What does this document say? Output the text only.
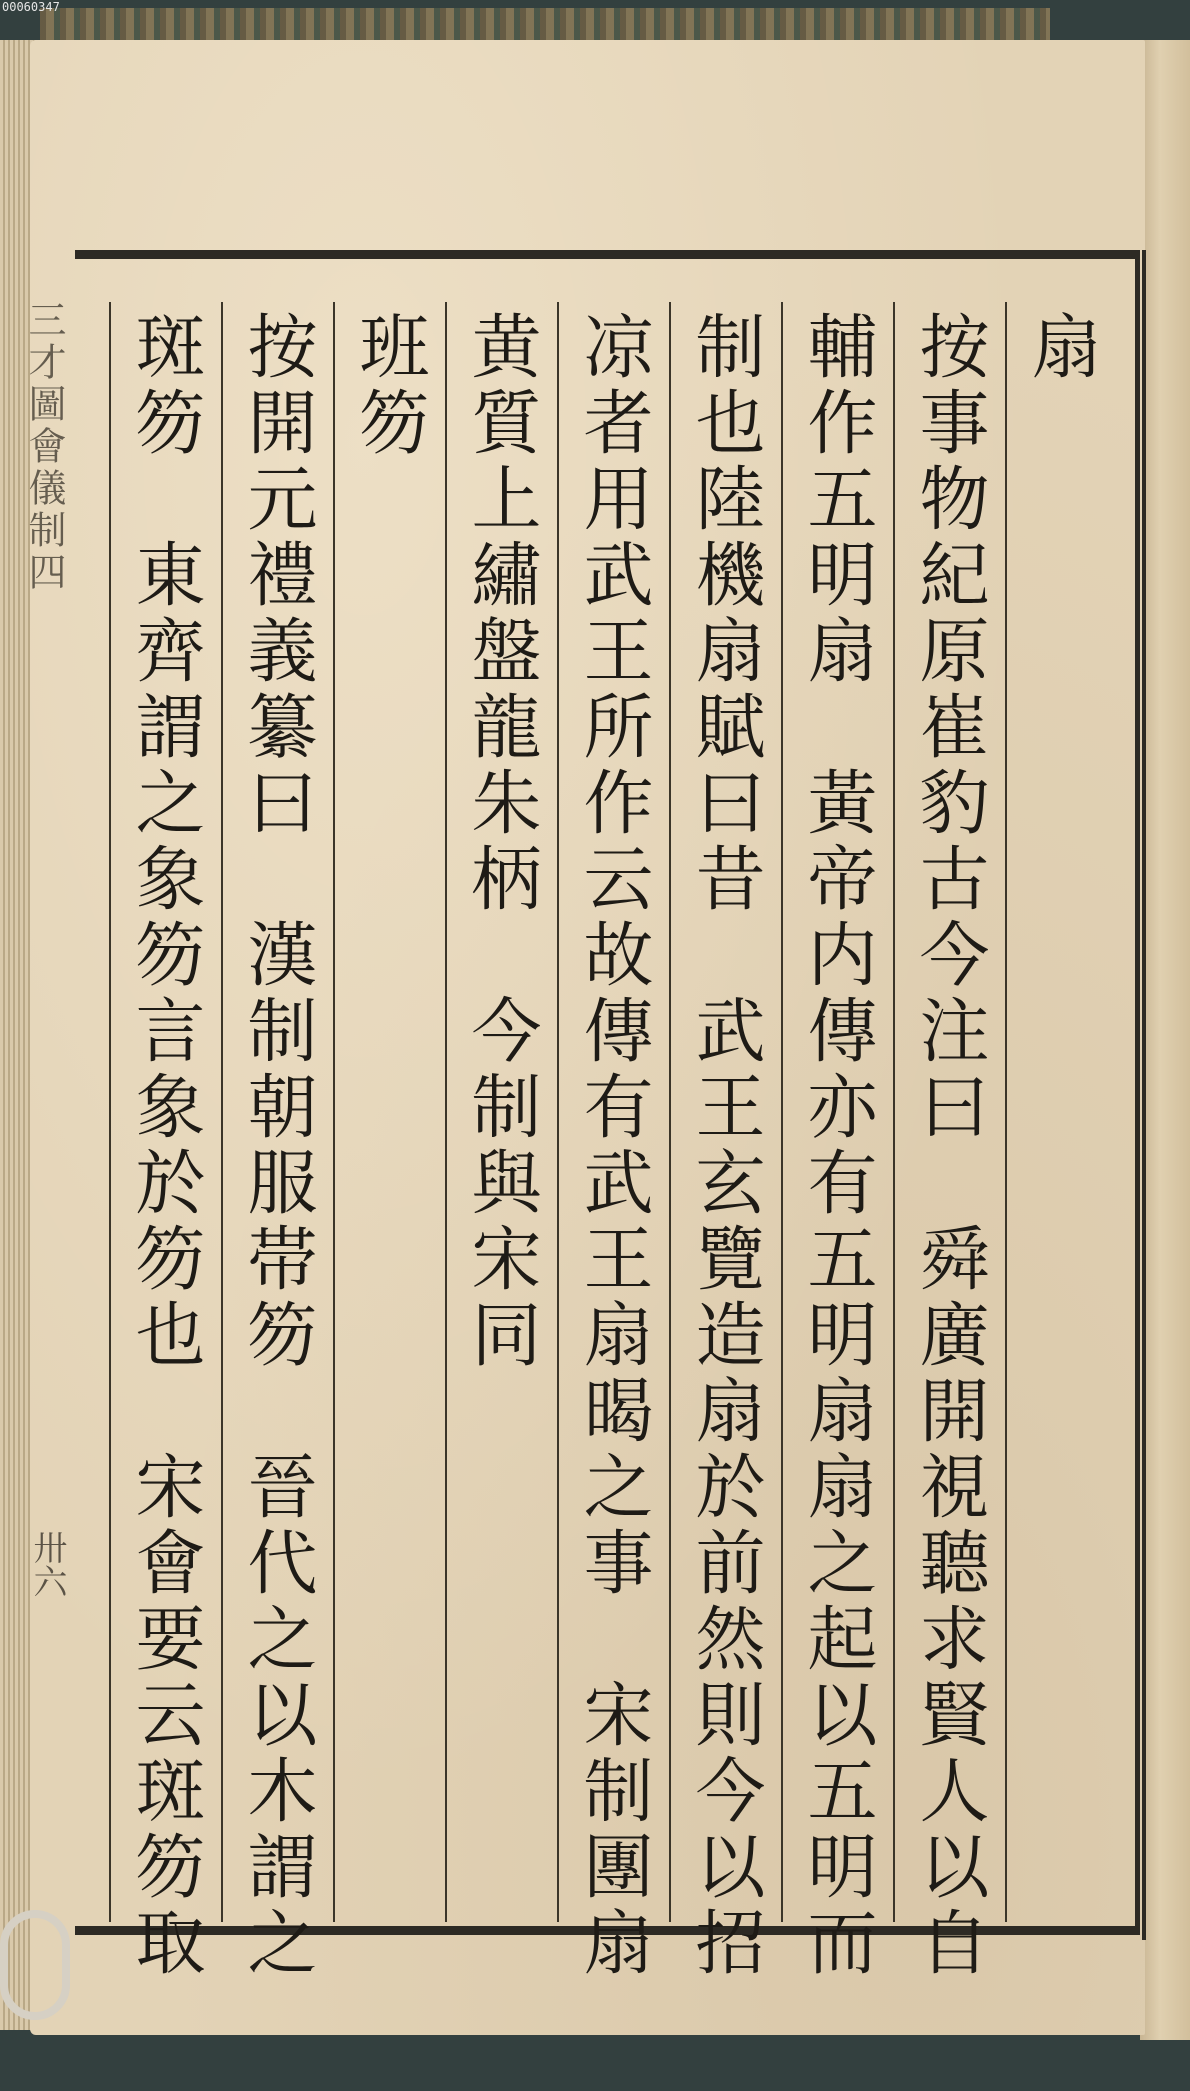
三才圖會儀制四
卅六
扇
按事物紀原崔豹古今注曰　舜廣開視聽求賢人以自
輔作五明扇　黃帝内傳亦有五明扇扇之起以五明而
制也陸機扇賦曰昔　武王玄覽造扇於前然則今以招
凉者用武王所作云故傳有武王扇暍之事　宋制團扇
黄質上繡盤龍朱柄　今制與宋同
班笏
按開元禮義纂曰　漢制朝服帯笏　晉代之以木謂之
斑笏　東齊謂之象笏言象於笏也　宋會要云斑笏取
00060347
